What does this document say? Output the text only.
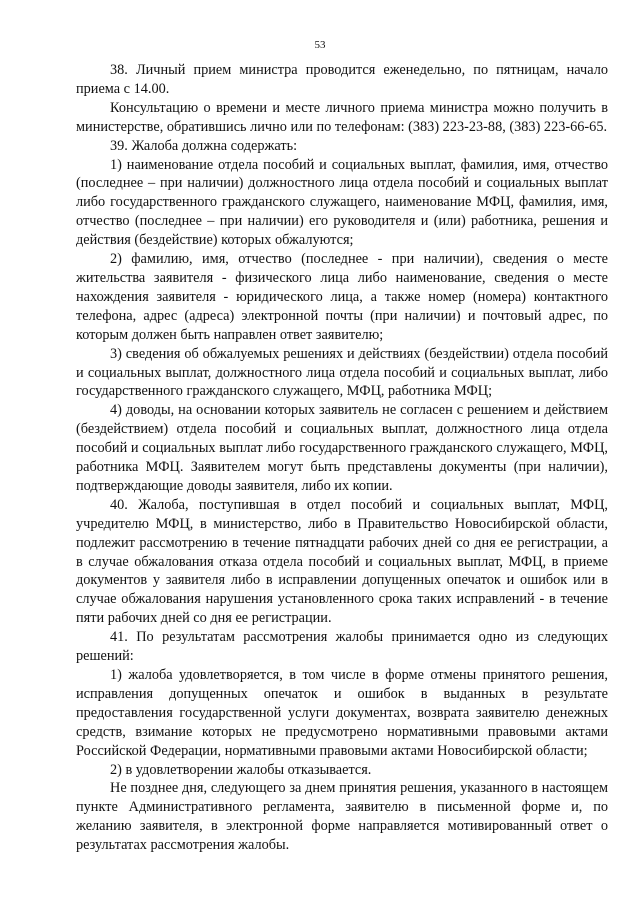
53

38. Личный прием министра проводится еженедельно, по пятницам, начало приема с 14.00.

Консультацию о времени и месте личного приема министра можно получить в министерстве, обратившись лично или по телефонам: (383) 223-23-88, (383) 223-66-65.

39. Жалоба должна содержать:

1) наименование отдела пособий и социальных выплат, фамилия, имя, отчество (последнее – при наличии) должностного лица отдела пособий и социальных выплат либо государственного гражданского служащего, наименование МФЦ, фамилия, имя, отчество (последнее – при наличии) его руководителя и (или) работника, решения и действия (бездействие) которых обжалуются;

2) фамилию, имя, отчество (последнее - при наличии), сведения о месте жительства заявителя - физического лица либо наименование, сведения о месте нахождения заявителя - юридического лица, а также номер (номера) контактного телефона, адрес (адреса) электронной почты (при наличии) и почтовый адрес, по которым должен быть направлен ответ заявителю;

3) сведения об обжалуемых решениях и действиях (бездействии) отдела пособий и социальных выплат, должностного лица отдела пособий и социальных выплат, либо государственного гражданского служащего, МФЦ, работника МФЦ;

4) доводы, на основании которых заявитель не согласен с решением и действием (бездействием) отдела пособий и социальных выплат, должностного лица отдела пособий и социальных выплат либо государственного гражданского служащего, МФЦ, работника МФЦ. Заявителем могут быть представлены документы (при наличии), подтверждающие доводы заявителя, либо их копии.

40. Жалоба, поступившая в отдел пособий и социальных выплат, МФЦ, учредителю МФЦ, в министерство, либо в Правительство Новосибирской области, подлежит рассмотрению в течение пятнадцати рабочих дней со дня ее регистрации, а в случае обжалования отказа отдела пособий и социальных выплат, МФЦ, в приеме документов у заявителя либо в исправлении допущенных опечаток и ошибок или в случае обжалования нарушения установленного срока таких исправлений - в течение пяти рабочих дней со дня ее регистрации.

41. По результатам рассмотрения жалобы принимается одно из следующих решений:

1) жалоба удовлетворяется, в том числе в форме отмены принятого решения, исправления допущенных опечаток и ошибок в выданных в результате предоставления государственной услуги документах, возврата заявителю денежных средств, взимание которых не предусмотрено нормативными правовыми актами Российской Федерации, нормативными правовыми актами Новосибирской области;

2) в удовлетворении жалобы отказывается.

Не позднее дня, следующего за днем принятия решения, указанного в настоящем пункте Административного регламента, заявителю в письменной форме и, по желанию заявителя, в электронной форме направляется мотивированный ответ о результатах рассмотрения жалобы.
